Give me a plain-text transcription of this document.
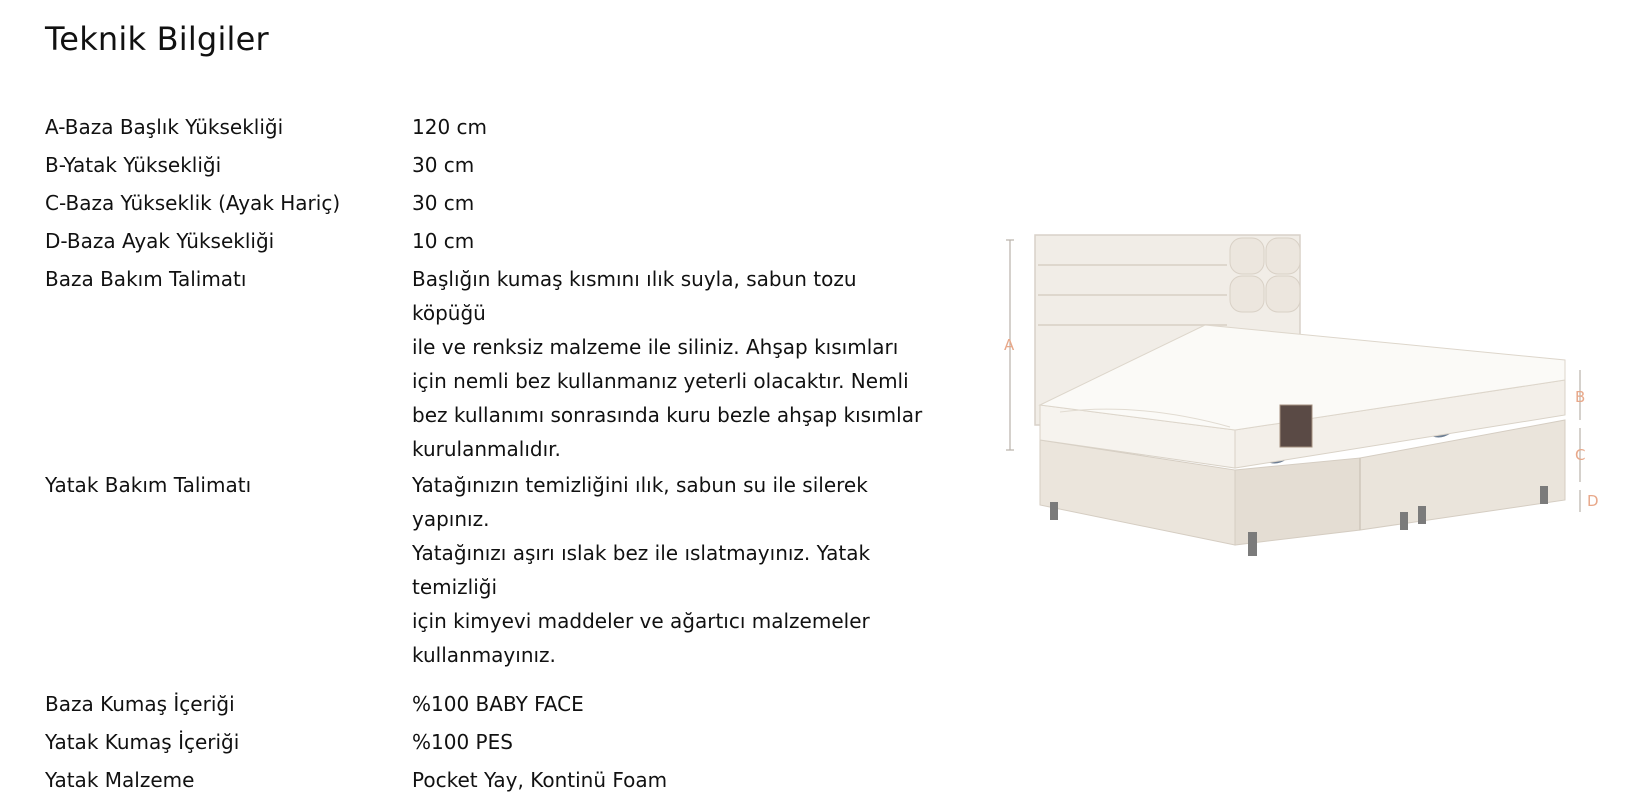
Teknik Bilgiler
A-Baza Başlık Yüksekliği	120 cm
B-Yatak Yüksekliği	30 cm
C-Baza Yükseklik (Ayak Hariç)	30 cm
D-Baza Ayak Yüksekliği	10 cm
Baza Bakım Talimatı	Başlığın kumaş kısmını ılık suyla, sabun tozu köpüğü
ile ve renksiz malzeme ile siliniz. Ahşap kısımları
için nemli bez kullanmanız yeterli olacaktır. Nemli
bez kullanımı sonrasında kuru bezle ahşap kısımlar
kurulanmalıdır.
Yatak Bakım Talimatı	Yatağınızın temizliğini ılık, sabun su ile silerek yapınız.
Yatağınızı aşırı ıslak bez ile ıslatmayınız. Yatak temizliği
için kimyevi maddeler ve ağartıcı malzemeler
kullanmayınız.
Baza Kumaş İçeriği	%100 BABY FACE
Yatak Kumaş İçeriği	%100 PES
Yatak Malzeme	Pocket Yay, Kontinü Foam
A
B
C
D
